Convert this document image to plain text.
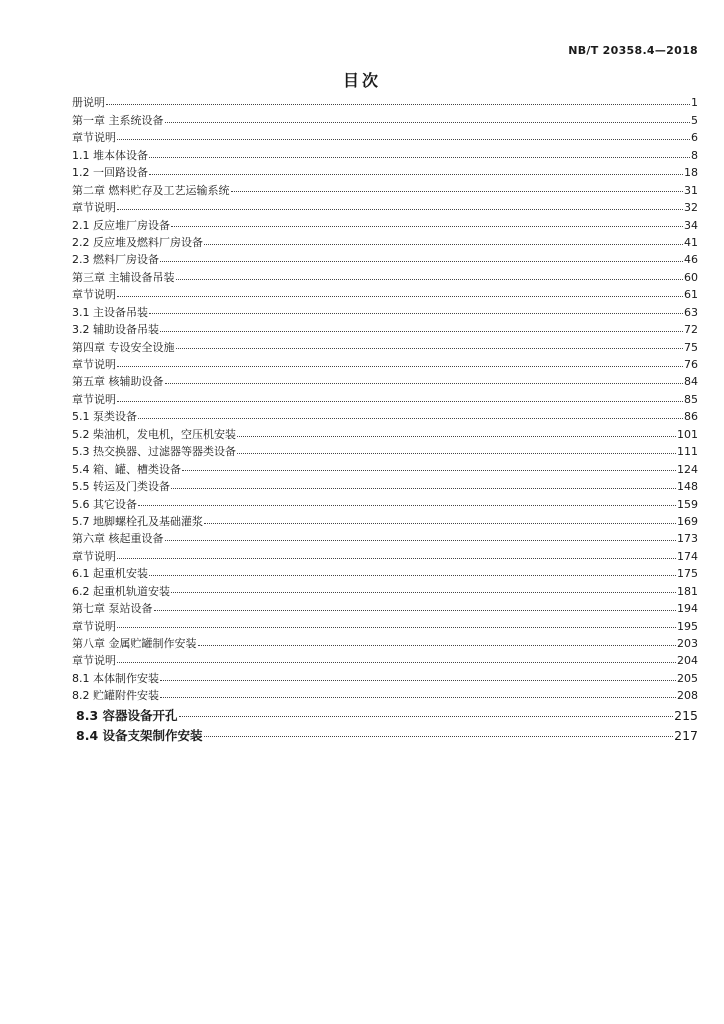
NB/T 20358.4—2018
目次
册说明	1
第一章 主系统设备	5
章节说明	6
1.1 堆本体设备	8
1.2 一回路设备	18
第二章 燃料贮存及工艺运输系统	31
章节说明	32
2.1 反应堆厂房设备	34
2.2 反应堆及燃料厂房设备	41
2.3 燃料厂房设备	46
第三章 主辅设备吊装	60
章节说明	61
3.1 主设备吊装	63
3.2 辅助设备吊装	72
第四章 专设安全设施	75
章节说明	76
第五章 核辅助设备	84
章节说明	85
5.1 泵类设备	86
5.2 柴油机，发电机，空压机安装	101
5.3 热交换器、过滤器等器类设备	111
5.4 箱、罐、槽类设备	124
5.5 转运及门类设备	148
5.6 其它设备	159
5.7 地脚螺栓孔及基础灌浆	169
第六章 核起重设备	173
章节说明	174
6.1 起重机安装	175
6.2 起重机轨道安装	181
第七章 泵站设备	194
章节说明	195
第八章 金属贮罐制作安装	203
章节说明	204
8.1 本体制作安装	205
8.2 贮罐附件安装	208
8.3 容器设备开孔	215
8.4 设备支架制作安装	217
